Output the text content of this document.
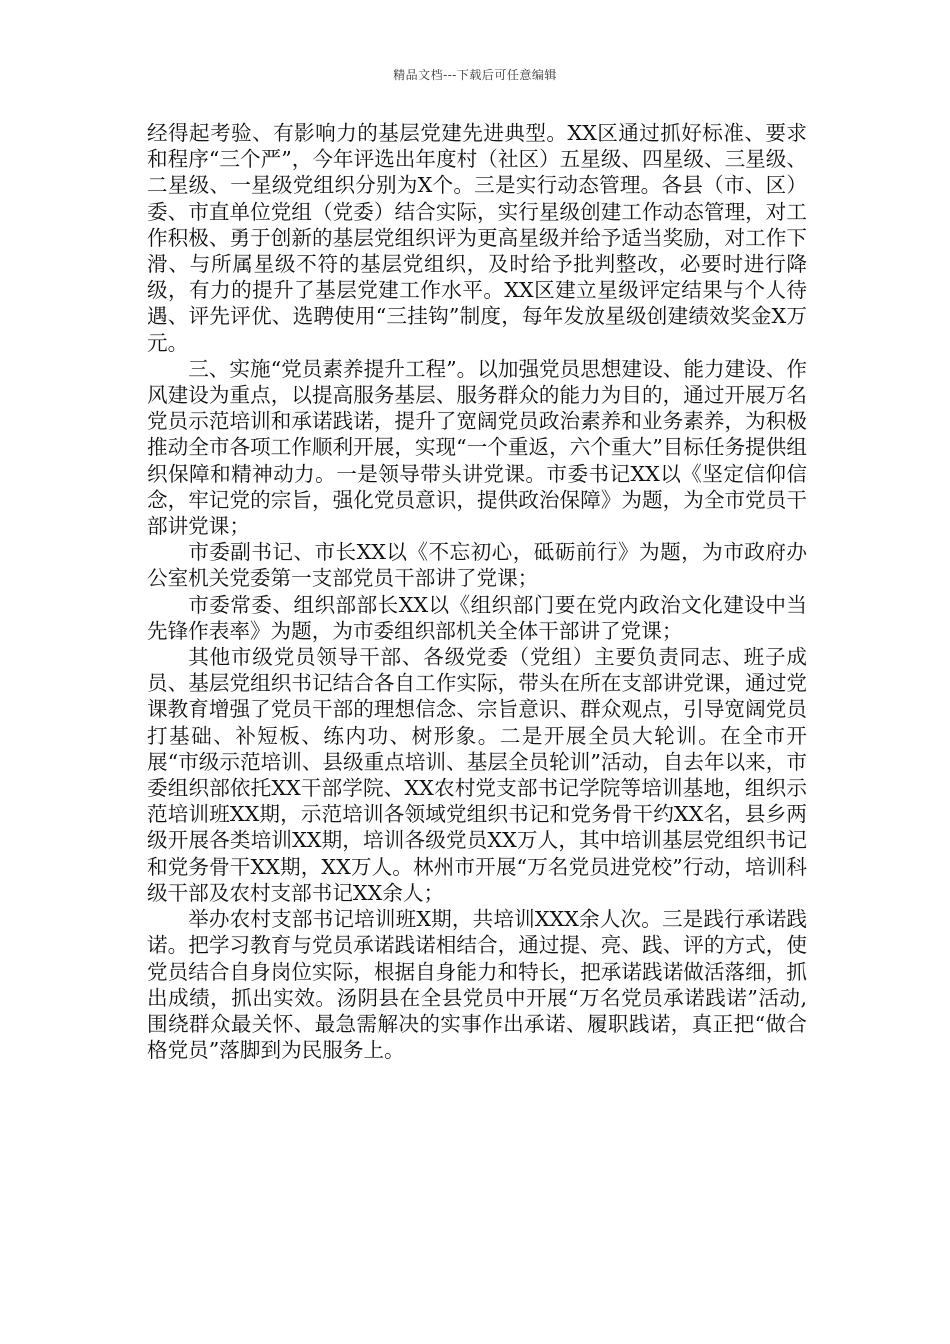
精品文档---下载后可任意编辑

经得起考验、有影响力的基层党建先进典型。XX区通过抓好标准、要求和程序“三个严”，今年评选出年度村（社区）五星级、四星级、三星级、二星级、一星级党组织分别为X个。三是实行动态管理。各县（市、区）委、市直单位党组（党委）结合实际，实行星级创建工作动态管理，对工作积极、勇于创新的基层党组织评为更高星级并给予适当奖励，对工作下滑、与所属星级不符的基层党组织，及时给予批判整改，必要时进行降级，有力的提升了基层党建工作水平。XX区建立星级评定结果与个人待遇、评先评优、选聘使用“三挂钩”制度，每年发放星级创建绩效奖金X万元。

三、实施“党员素养提升工程”。以加强党员思想建设、能力建设、作风建设为重点，以提高服务基层、服务群众的能力为目的，通过开展万名党员示范培训和承诺践诺，提升了宽阔党员政治素养和业务素养，为积极推动全市各项工作顺利开展，实现“一个重返，六个重大”目标任务提供组织保障和精神动力。一是领导带头讲党课。市委书记XX以《坚定信仰信念，牢记党的宗旨，强化党员意识，提供政治保障》为题，为全市党员干部讲党课；

市委副书记、市长XX以《不忘初心，砥砺前行》为题，为市政府办公室机关党委第一支部党员干部讲了党课；

市委常委、组织部部长XX以《组织部门要在党内政治文化建设中当先锋作表率》为题，为市委组织部机关全体干部讲了党课；

其他市级党员领导干部、各级党委（党组）主要负责同志、班子成员、基层党组织书记结合各自工作实际，带头在所在支部讲党课，通过党课教育增强了党员干部的理想信念、宗旨意识、群众观点，引导宽阔党员打基础、补短板、练内功、树形象。二是开展全员大轮训。在全市开展“市级示范培训、县级重点培训、基层全员轮训”活动，自去年以来，市委组织部依托XX干部学院、XX农村党支部书记学院等培训基地，组织示范培训班XX期，示范培训各领域党组织书记和党务骨干约XX名，县乡两级开展各类培训XX期，培训各级党员XX万人，其中培训基层党组织书记和党务骨干XX期，XX万人。林州市开展“万名党员进党校”行动，培训科级干部及农村支部书记XX余人；

举办农村支部书记培训班X期，共培训XXX余人次。三是践行承诺践诺。把学习教育与党员承诺践诺相结合，通过提、亮、践、评的方式，使党员结合自身岗位实际，根据自身能力和特长，把承诺践诺做活落细，抓出成绩，抓出实效。汤阴县在全县党员中开展“万名党员承诺践诺”活动,围绕群众最关怀、最急需解决的实事作出承诺、履职践诺，真正把“做合格党员”落脚到为民服务上。
